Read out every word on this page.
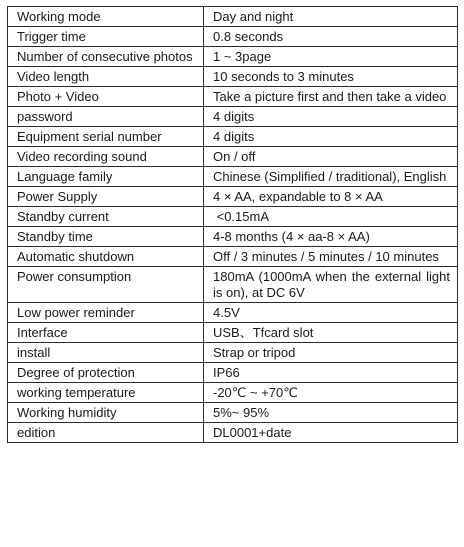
Working mode	Day and night
Trigger time	0.8 seconds
Number of consecutive photos	1 ~ 3page
Video length	10 seconds to 3 minutes
Photo + Video	Take a picture first and then take a video
password	4 digits
Equipment serial number	4 digits
Video recording sound	On / off
Language family	Chinese (Simplified / traditional), English
Power Supply	4 × AA, expandable to 8 × AA
Standby current	<0.15mA
Standby time	4-8 months (4 × aa-8 × AA)
Automatic shutdown	Off / 3 minutes / 5 minutes / 10 minutes
Power consumption	180mA (1000mA when the external light is on), at DC 6V
Low power reminder	4.5V
Interface	USB、Tfcard slot
install	Strap or tripod
Degree of protection	IP66
working temperature	-20℃ ~ +70℃
Working humidity	5%~ 95%
edition	DL0001+date
